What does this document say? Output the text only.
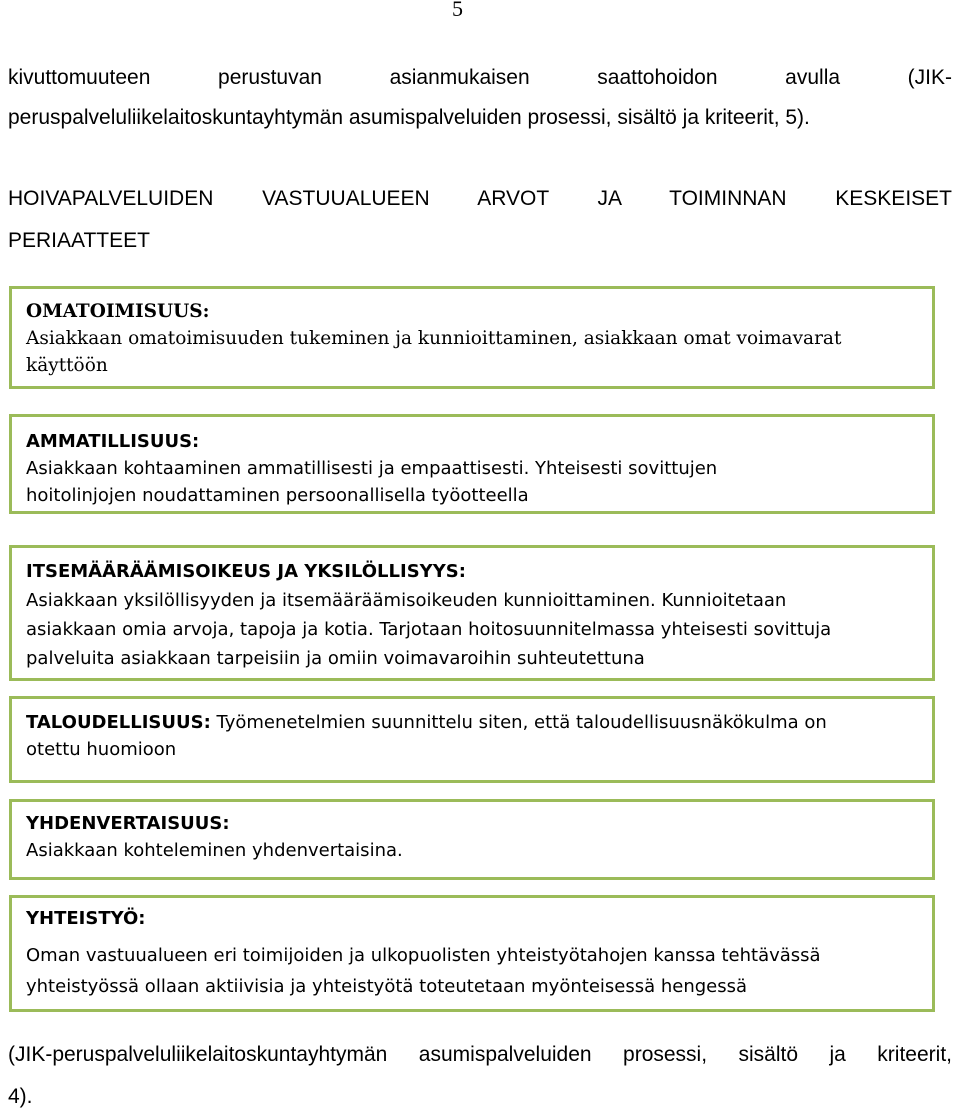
5
kivuttomuuteen perustuvan asianmukaisen saattohoidon avulla (JIK-
peruspalveluliikelaitoskuntayhtymän asumispalveluiden prosessi, sisältö ja kriteerit, 5).
HOIVAPALVELUIDEN VASTUUALUEEN ARVOT JA TOIMINNAN KESKEISET
PERIAATTEET
OMATOIMISUUS:
Asiakkaan omatoimisuuden tukeminen ja kunnioittaminen, asiakkaan omat voimavarat
käyttöön
AMMATILLISUUS:
Asiakkaan kohtaaminen ammatillisesti ja empaattisesti. Yhteisesti sovittujen
hoitolinjojen noudattaminen persoonallisella työotteella
ITSEMÄÄRÄÄMISOIKEUS JA YKSILÖLLISYYS:
Asiakkaan yksilöllisyyden ja itsemääräämisoikeuden kunnioittaminen. Kunnioitetaan
asiakkaan omia arvoja, tapoja ja kotia. Tarjotaan hoitosuunnitelmassa yhteisesti sovittuja
palveluita asiakkaan tarpeisiin ja omiin voimavaroihin suhteutettuna
TALOUDELLISUUS: Työmenetelmien suunnittelu siten, että taloudellisuusnäkökulma on
otettu huomioon
YHDENVERTAISUUS:
Asiakkaan kohteleminen yhdenvertaisina.
YHTEISTYÖ:
Oman vastuualueen eri toimijoiden ja ulkopuolisten yhteistyötahojen kanssa tehtävässä
yhteistyössä ollaan aktiivisia ja yhteistyötä toteutetaan myönteisessä hengessä
(JIK-peruspalveluliikelaitoskuntayhtymän asumispalveluiden prosessi, sisältö ja kriteerit,
4).
